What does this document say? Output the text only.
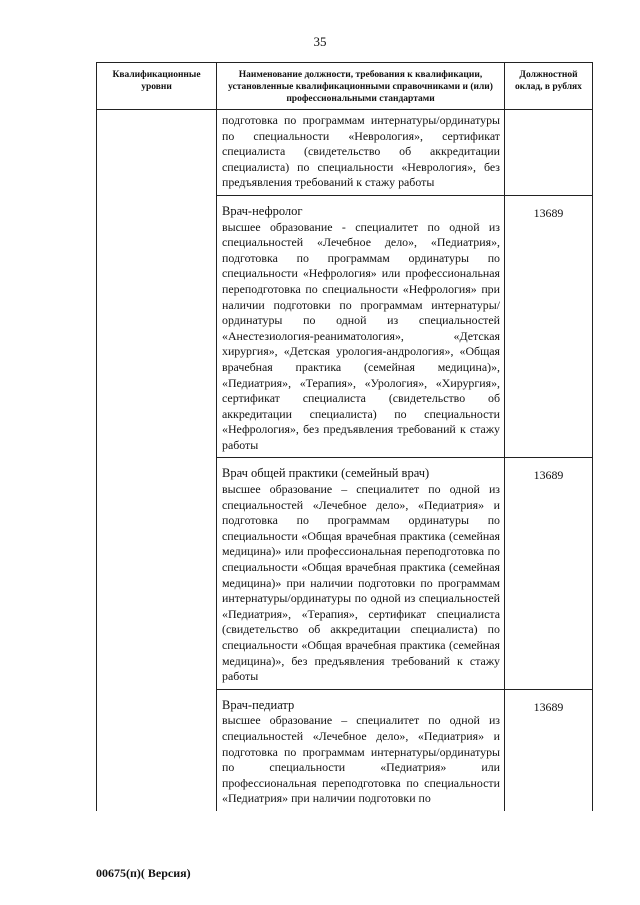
35
Квалификационные уровни	Наименование должности, требования к квалификации, установленные квалификационными справочниками и (или) профессиональными стандартами	Должностной оклад, в рублях
	подготовка по программам интернатуры/ординатуры по специальности «Неврология», сертификат специалиста (свидетельство об аккредитации специалиста) по специальности «Неврология», без предъявления требований к стажу работы	

	Врач-нефролог
высшее образование - специалитет по одной из специальностей «Лечебное дело», «Педиатрия», подготовка по программам ординатуры по специальности «Нефрология» или профессиональная переподготовка по специальности «Нефрология» при наличии подготовки по программам интернатуры/ординатуры по одной из специальностей «Анестезиология-реаниматология», «Детская хирургия», «Детская урология-андрология», «Общая врачебная практика (семейная медицина)», «Педиатрия», «Терапия», «Урология», «Хирургия», сертификат специалиста (свидетельство об аккредитации специалиста) по специальности «Нефрология», без предъявления требований к стажу работы	13689

	Врач общей практики (семейный врач)
высшее образование – специалитет по одной из специальностей «Лечебное дело», «Педиатрия» и подготовка по программам ординатуры по специальности «Общая врачебная практика (семейная медицина)» или профессиональная переподготовка по специальности «Общая врачебная практика (семейная медицина)» при наличии подготовки по программам интернатуры/ординатуры по одной из специальностей «Педиатрия», «Терапия», сертификат специалиста (свидетельство об аккредитации специалиста) по специальности «Общая врачебная практика (семейная медицина)», без предъявления требований к стажу работы	13689

	Врач-педиатр
высшее образование – специалитет по одной из специальностей «Лечебное дело», «Педиатрия» и подготовка по программам интернатуры/ординатуры по специальности «Педиатрия» или профессиональная переподготовка по специальности «Педиатрия» при наличии подготовки по	13689
00675(п)( Версия)
